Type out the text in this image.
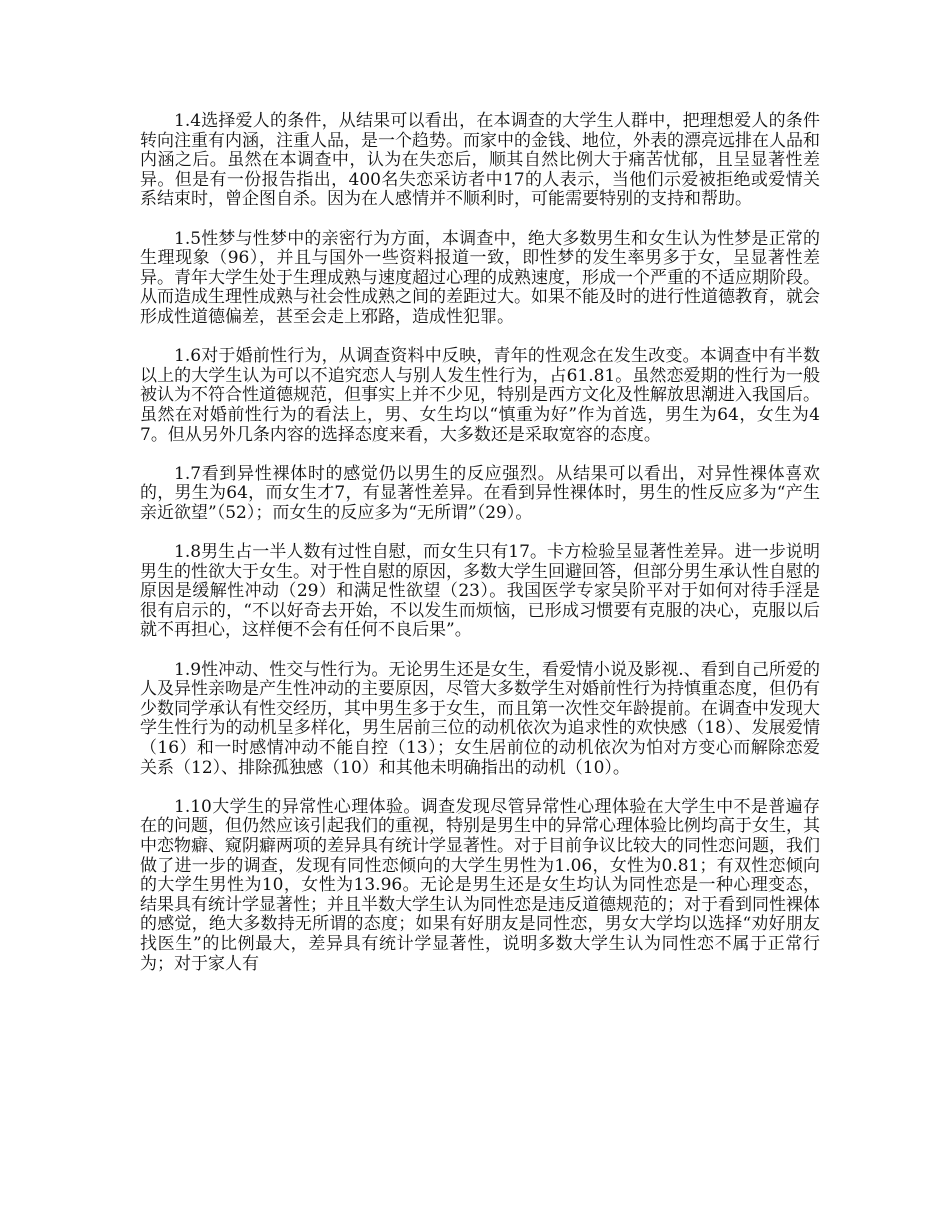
1.4选择爱人的条件，从结果可以看出，在本调查的大学生人群中，把理想爱人的条件转向注重有内涵，注重人品，是一个趋势。而家中的金钱、地位，外表的漂亮远排在人品和内涵之后。虽然在本调查中，认为在失恋后，顺其自然比例大于痛苦忧郁，且呈显著性差异。但是有一份报告指出，400名失恋采访者中17的人表示，当他们示爱被拒绝或爱情关系结束时，曾企图自杀。因为在人感情并不顺利时，可能需要特别的支持和帮助。

1.5性梦与性梦中的亲密行为方面，本调查中，绝大多数男生和女生认为性梦是正常的生理现象（96），并且与国外一些资料报道一致，即性梦的发生率男多于女，呈显著性差异。青年大学生处于生理成熟与速度超过心理的成熟速度，形成一个严重的不适应期阶段。从而造成生理性成熟与社会性成熟之间的差距过大。如果不能及时的进行性道德教育，就会形成性道德偏差，甚至会走上邪路，造成性犯罪。

1.6对于婚前性行为，从调查资料中反映，青年的性观念在发生改变。本调查中有半数以上的大学生认为可以不追究恋人与别人发生性行为，占61.81。虽然恋爱期的性行为一般被认为不符合性道德规范，但事实上并不少见，特别是西方文化及性解放思潮进入我国后。虽然在对婚前性行为的看法上，男、女生均以“慎重为好”作为首选，男生为64，女生为47。但从另外几条内容的选择态度来看，大多数还是采取宽容的态度。

1.7看到异性裸体时的感觉仍以男生的反应强烈。从结果可以看出，对异性裸体喜欢的，男生为64，而女生才7，有显著性差异。在看到异性裸体时，男生的性反应多为“产生亲近欲望”（52）；而女生的反应多为“无所谓”（29）。

1.8男生占一半人数有过性自慰，而女生只有17。卡方检验呈显著性差异。进一步说明男生的性欲大于女生。对于性自慰的原因，多数大学生回避回答，但部分男生承认性自慰的原因是缓解性冲动（29）和满足性欲望（23）。我国医学专家吴阶平对于如何对待手淫是很有启示的，“不以好奇去开始，不以发生而烦恼，已形成习惯要有克服的决心，克服以后就不再担心，这样便不会有任何不良后果”。

1.9性冲动、性交与性行为。无论男生还是女生，看爱情小说及影视.、看到自己所爱的人及异性亲吻是产生性冲动的主要原因，尽管大多数学生对婚前性行为持慎重态度，但仍有少数同学承认有性交经历，其中男生多于女生，而且第一次性交年龄提前。在调查中发现大学生性行为的动机呈多样化，男生居前三位的动机依次为追求性的欢快感（18）、发展爱情（16）和一时感情冲动不能自控（13）；女生居前位的动机依次为怕对方变心而解除恋爱关系（12）、排除孤独感（10）和其他未明确指出的动机（10）。

1.10大学生的异常性心理体验。调查发现尽管异常性心理体验在大学生中不是普遍存在的问题，但仍然应该引起我们的重视，特别是男生中的异常心理体验比例均高于女生，其中恋物癖、窥阴癖两项的差异具有统计学显著性。对于目前争议比较大的同性恋问题，我们做了进一步的调查，发现有同性恋倾向的大学生男性为1.06，女性为0.81；有双性恋倾向的大学生男性为10，女性为13.96。无论是男生还是女生均认为同性恋是一种心理变态，结果具有统计学显著性；并且半数大学生认为同性恋是违反道德规范的；对于看到同性裸体的感觉，绝大多数持无所谓的态度；如果有好朋友是同性恋，男女大学均以选择“劝好朋友找医生”的比例最大，差异具有统计学显著性，说明多数大学生认为同性恋不属于正常行为；对于家人有
